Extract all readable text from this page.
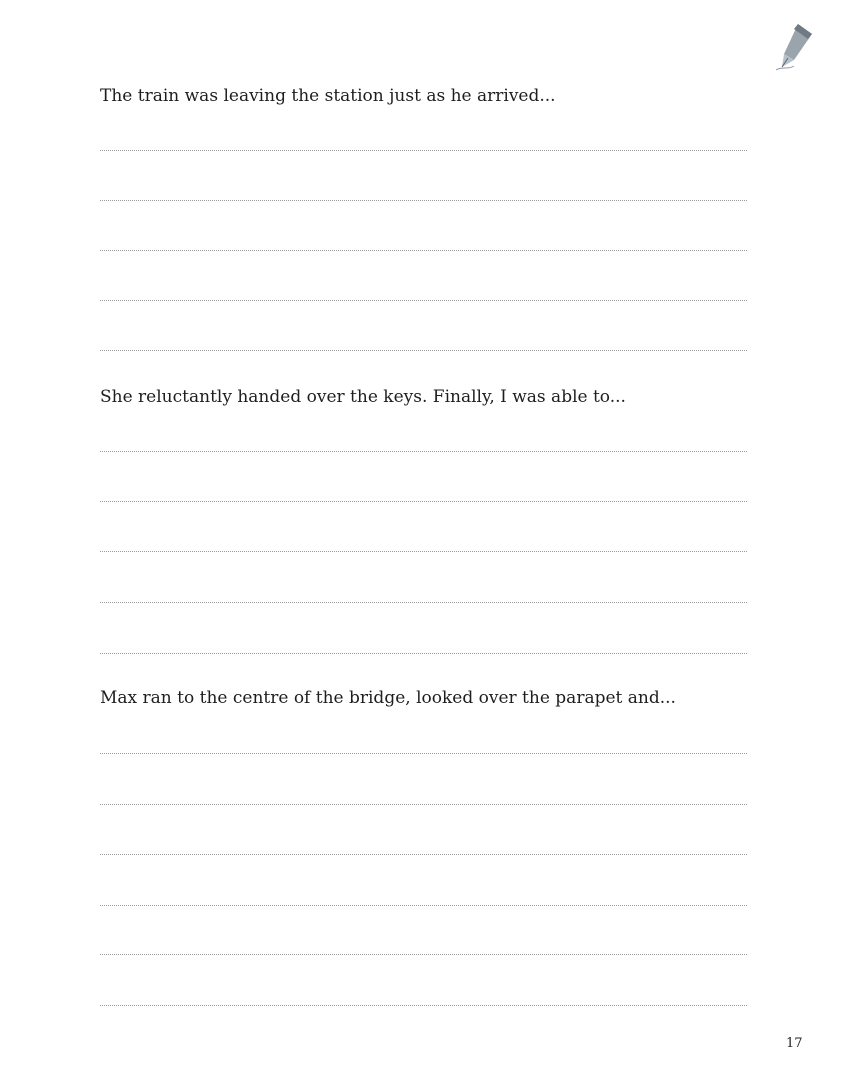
The train was leaving the station just as he arrived...

She reluctantly handed over the keys. Finally, I was able to...

Max ran to the centre of the bridge, looked over the parapet and...

17
